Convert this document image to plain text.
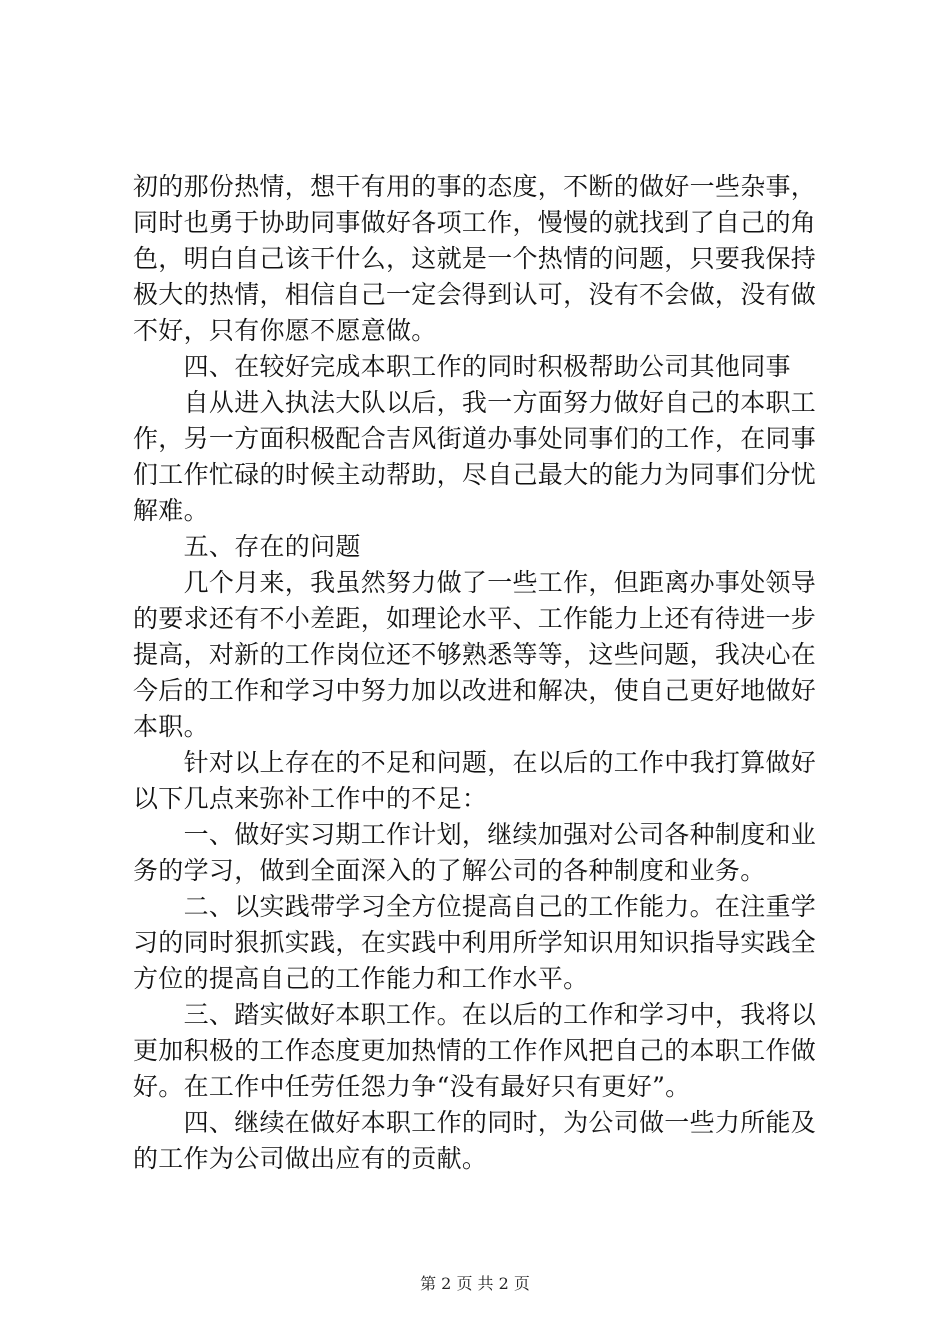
初的那份热情，想干有用的事的态度，不断的做好一些杂事，
同时也勇于协助同事做好各项工作，慢慢的就找到了自己的角
色，明白自己该干什么，这就是一个热情的问题，只要我保持
极大的热情，相信自己一定会得到认可，没有不会做，没有做
不好，只有你愿不愿意做。
　　四、在较好完成本职工作的同时积极帮助公司其他同事
　　自从进入执法大队以后，我一方面努力做好自己的本职工
作，另一方面积极配合吉风街道办事处同事们的工作，在同事
们工作忙碌的时候主动帮助，尽自己最大的能力为同事们分忧
解难。
　　五、存在的问题
　　几个月来，我虽然努力做了一些工作，但距离办事处领导
的要求还有不小差距，如理论水平、工作能力上还有待进一步
提高，对新的工作岗位还不够熟悉等等，这些问题，我决心在
今后的工作和学习中努力加以改进和解决，使自己更好地做好
本职。
　　针对以上存在的不足和问题，在以后的工作中我打算做好
以下几点来弥补工作中的不足：
　　一、做好实习期工作计划，继续加强对公司各种制度和业
务的学习，做到全面深入的了解公司的各种制度和业务。
　　二、以实践带学习全方位提高自己的工作能力。在注重学
习的同时狠抓实践，在实践中利用所学知识用知识指导实践全
方位的提高自己的工作能力和工作水平。
　　三、踏实做好本职工作。在以后的工作和学习中，我将以
更加积极的工作态度更加热情的工作作风把自己的本职工作做
好。在工作中任劳任怨力争“没有最好只有更好”。
　　四、继续在做好本职工作的同时，为公司做一些力所能及
的工作为公司做出应有的贡献。
第 2 页 共 2 页
